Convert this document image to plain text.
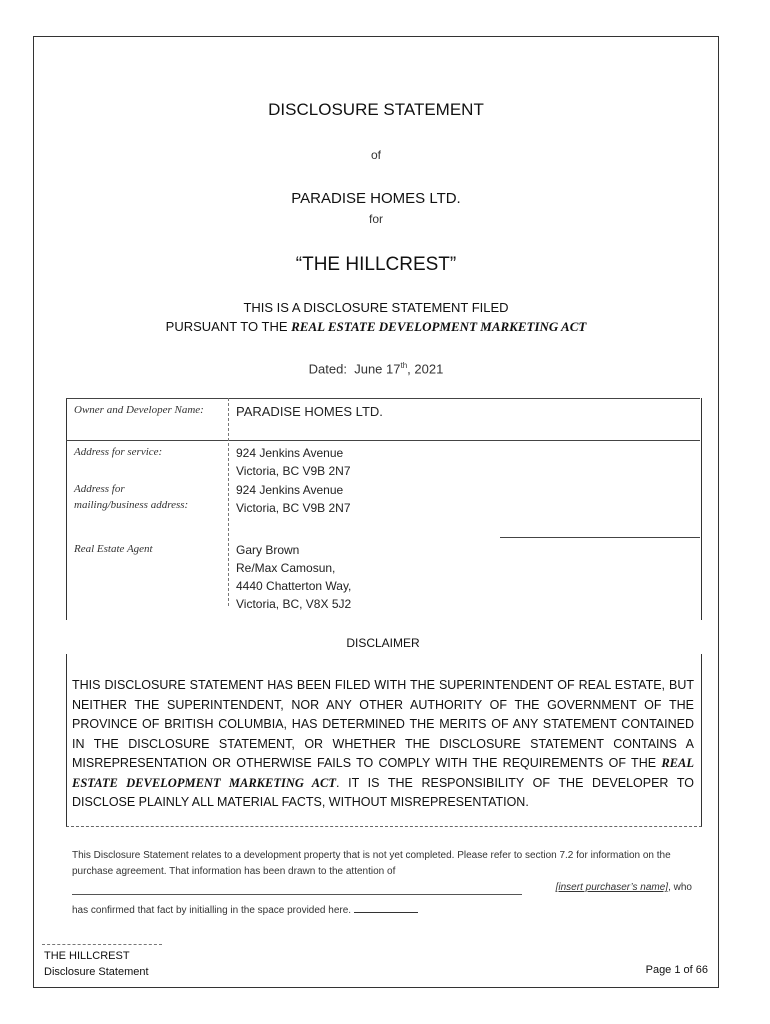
DISCLOSURE STATEMENT
of
PARADISE HOMES LTD.
for
“THE HILLCREST”
THIS IS A DISCLOSURE STATEMENT FILED
PURSUANT TO THE REAL ESTATE DEVELOPMENT MARKETING ACT
Dated: June 17th, 2021
Owner and Developer Name: PARADISE HOMES LTD.
Address for service:	924 Jenkins Avenue
Victoria, BC V9B 2N7
Address for
mailing/business address:
924 Jenkins Avenue
Victoria, BC V9B 2N7
Real Estate Agent	Gary Brown
Re/Max Camosun,
4440 Chatterton Way,
Victoria, BC, V8X 5J2
DISCLAIMER
THIS DISCLOSURE STATEMENT HAS BEEN FILED WITH THE SUPERINTENDENT OF REAL ESTATE, BUT NEITHER THE SUPERINTENDENT, NOR ANY OTHER AUTHORITY OF THE GOVERNMENT OF THE PROVINCE OF BRITISH COLUMBIA, HAS DETERMINED THE MERITS OF ANY STATEMENT CONTAINED IN THE DISCLOSURE STATEMENT, OR WHETHER THE DISCLOSURE STATEMENT CONTAINS A MISREPRESENTATION OR OTHERWISE FAILS TO COMPLY WITH THE REQUIREMENTS OF THE REAL ESTATE DEVELOPMENT MARKETING ACT. IT IS THE RESPONSIBILITY OF THE DEVELOPER TO DISCLOSE PLAINLY ALL MATERIAL FACTS, WITHOUT MISREPRESENTATION.
This Disclosure Statement relates to a development property that is not yet completed. Please refer to section 7.2 for information on the purchase agreement. That information has been drawn to the attention of
[insert purchaser’s name], who
has confirmed that fact by initialling in the space provided here.
THE HILLCREST
Disclosure Statement	Page 1 of 66
